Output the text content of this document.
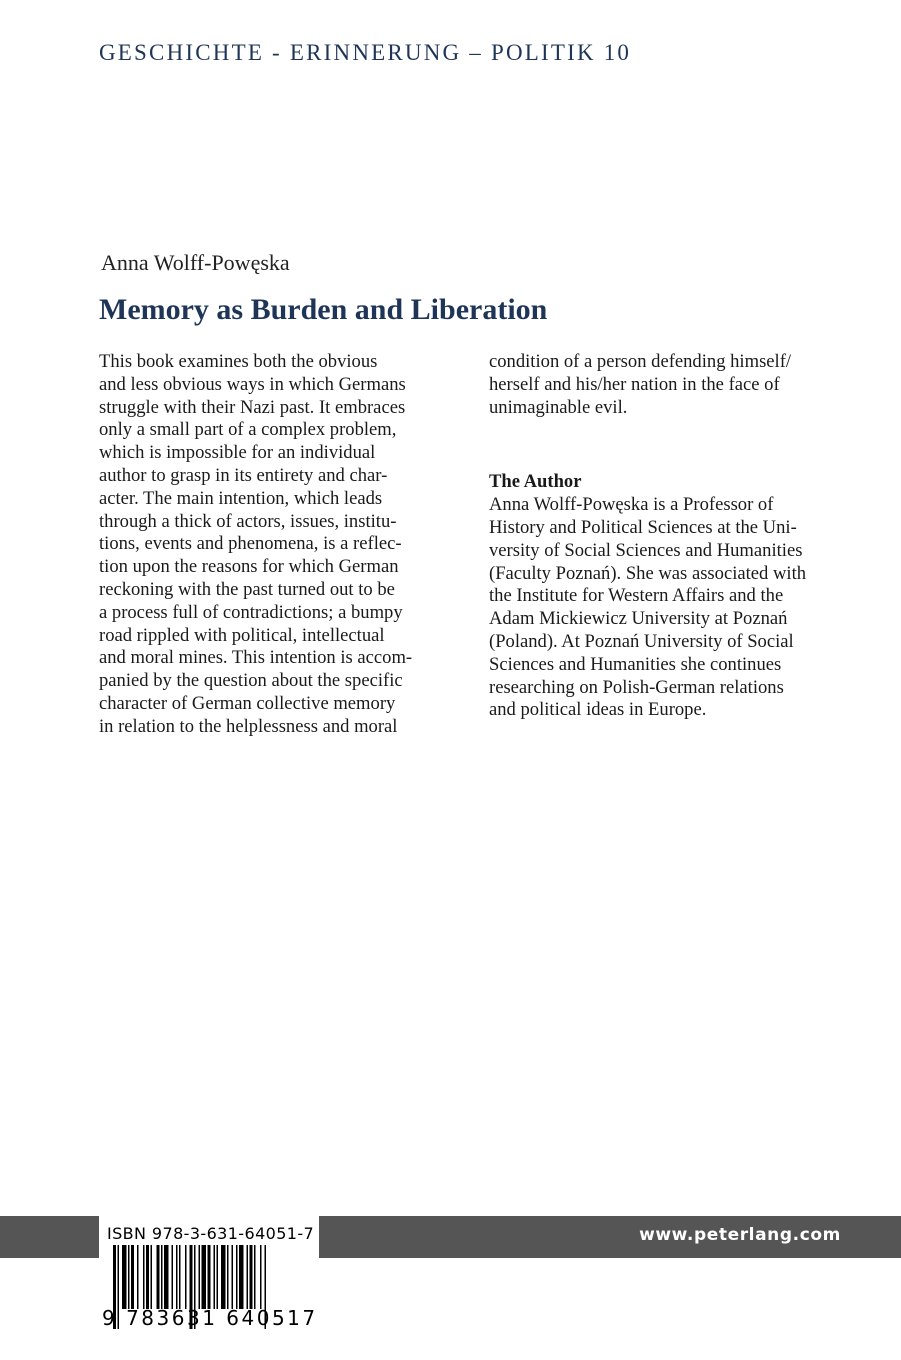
GESCHICHTE - ERINNERUNG – POLITIK 10
Anna Wolff-Powęska
Memory as Burden and Liberation
This book examines both the obvious
and less obvious ways in which Germans
struggle with their Nazi past. It embraces
only a small part of a complex problem,
which is impossible for an individual
author to grasp in its entirety and char-
acter. The main intention, which leads
through a thick of actors, issues, institu-
tions, events and phenomena, is a reflec-
tion upon the reasons for which German
reckoning with the past turned out to be
a process full of contradictions; a bumpy
road rippled with political, intellectual
and moral mines. This intention is accom-
panied by the question about the specific
character of German collective memory
in relation to the helplessness and moral
condition of a person defending himself/
herself and his/her nation in the face of
unimaginable evil.
The Author
Anna Wolff-Powęska is a Professor of
History and Political Sciences at the Uni-
versity of Social Sciences and Humanities
(Faculty Poznań). She was associated with
the Institute for Western Affairs and the
Adam Mickiewicz University at Poznań
(Poland). At Poznań University of Social
Sciences and Humanities she continues
researching on Polish-German relations
and political ideas in Europe.
www.peterlang.com
ISBN 978-3-631-64051-7
9 783631 640517
